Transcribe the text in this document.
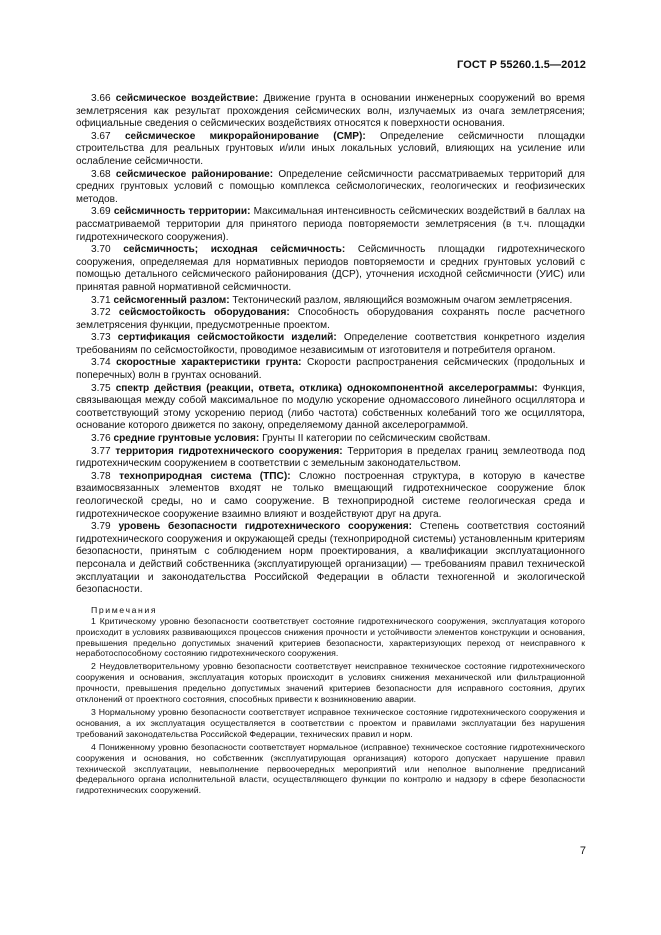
ГОСТ Р 55260.1.5—2012

3.66 сейсмическое воздействие: Движение грунта в основании инженерных сооружений во время землетрясения как результат прохождения сейсмических волн, излучаемых из очага землетрясения; официальные сведения о сейсмических воздействиях относятся к поверхности основания.

3.67 сейсмическое микрорайонирование (СМР): Определение сейсмичности площадки строительства для реальных грунтовых и/или иных локальных условий, влияющих на усиление или ослабление сейсмичности.

3.68 сейсмическое районирование: Определение сейсмичности рассматриваемых территорий для средних грунтовых условий с помощью комплекса сейсмологических, геологических и геофизических методов.

3.69 сейсмичность территории: Максимальная интенсивность сейсмических воздействий в баллах на рассматриваемой территории для принятого периода повторяемости землетрясения (в т.ч. площадки гидротехнического сооружения).

3.70 сейсмичность; исходная сейсмичность: Сейсмичность площадки гидротехнического сооружения, определяемая для нормативных периодов повторяемости и средних грунтовых условий с помощью детального сейсмического районирования (ДСР), уточнения исходной сейсмичности (УИС) или принятая равной нормативной сейсмичности.

3.71 сейсмогенный разлом: Тектонический разлом, являющийся возможным очагом землетрясения.

3.72 сейсмостойкость оборудования: Способность оборудования сохранять после расчетного землетрясения функции, предусмотренные проектом.

3.73 сертификация сейсмостойкости изделий: Определение соответствия конкретного изделия требованиям по сейсмостойкости, проводимое независимым от изготовителя и потребителя органом.

3.74 скоростные характеристики грунта: Скорости распространения сейсмических (продольных и поперечных) волн в грунтах оснований.

3.75 спектр действия (реакции, ответа, отклика) однокомпонентной акселерограммы: Функция, связывающая между собой максимальное по модулю ускорение одномассового линейного осциллятора и соответствующий этому ускорению период (либо частота) собственных колебаний того же осциллятора, основание которого движется по закону, определяемому данной акселерограммой.

3.76 средние грунтовые условия: Грунты II категории по сейсмическим свойствам.

3.77 территория гидротехнического сооружения: Территория в пределах границ землеотвода под гидротехническим сооружением в соответствии с земельным законодательством.

3.78 технoприродная система (ТПС): Сложно построенная структура, в которую в качестве взаимосвязанных элементов входят не только вмещающий гидротехническое сооружение блок геологической среды, но и само сооружение. В технoприродной системе геологическая среда и гидротехническое сооружение взаимно влияют и воздействуют друг на друга.

3.79 уровень безопасности гидротехнического сооружения: Степень соответствия состояний гидротехнического сооружения и окружающей среды (технoприродной системы) установленным критериям безопасности, принятым с соблюдением норм проектирования, а квалификации эксплуатационного персонала и действий собственника (эксплуатирующей организации) — требованиям правил технической эксплуатации и законодательства Российской Федерации в области техногенной и экологической безопасности.

Примечания

1 Критическому уровню безопасности соответствует состояние гидротехнического сооружения, эксплуатация которого происходит в условиях развивающихся процессов снижения прочности и устойчивости элементов конструкции и основания, превышения предельно допустимых значений критериев безопасности, характеризующих переход от неисправного к неработоспособному состоянию гидротехнического сооружения.

2 Неудовлетворительному уровню безопасности соответствует неисправное техническое состояние гидротехнического сооружения и основания, эксплуатация которых происходит в условиях снижения механической или фильтрационной прочности, превышения предельно допустимых значений критериев безопасности для исправного состояния, других отклонений от проектного состояния, способных привести к возникновению аварии.

3 Нормальному уровню безопасности соответствует исправное техническое состояние гидротехнического сооружения и основания, а их эксплуатация осуществляется в соответствии с проектом и правилами эксплуатации без нарушения требований законодательства Российской Федерации, технических правил и норм.

4 Пониженному уровню безопасности соответствует нормальное (исправное) техническое состояние гидротехнического сооружения и основания, но собственник (эксплуатирующая организация) которого допускает нарушение правил технической эксплуатации, невыполнение первоочередных мероприятий или неполное выполнение предписаний федерального органа исполнительной власти, осуществляющего функции по контролю и надзору в сфере безопасности гидротехнических сооружений.

7
